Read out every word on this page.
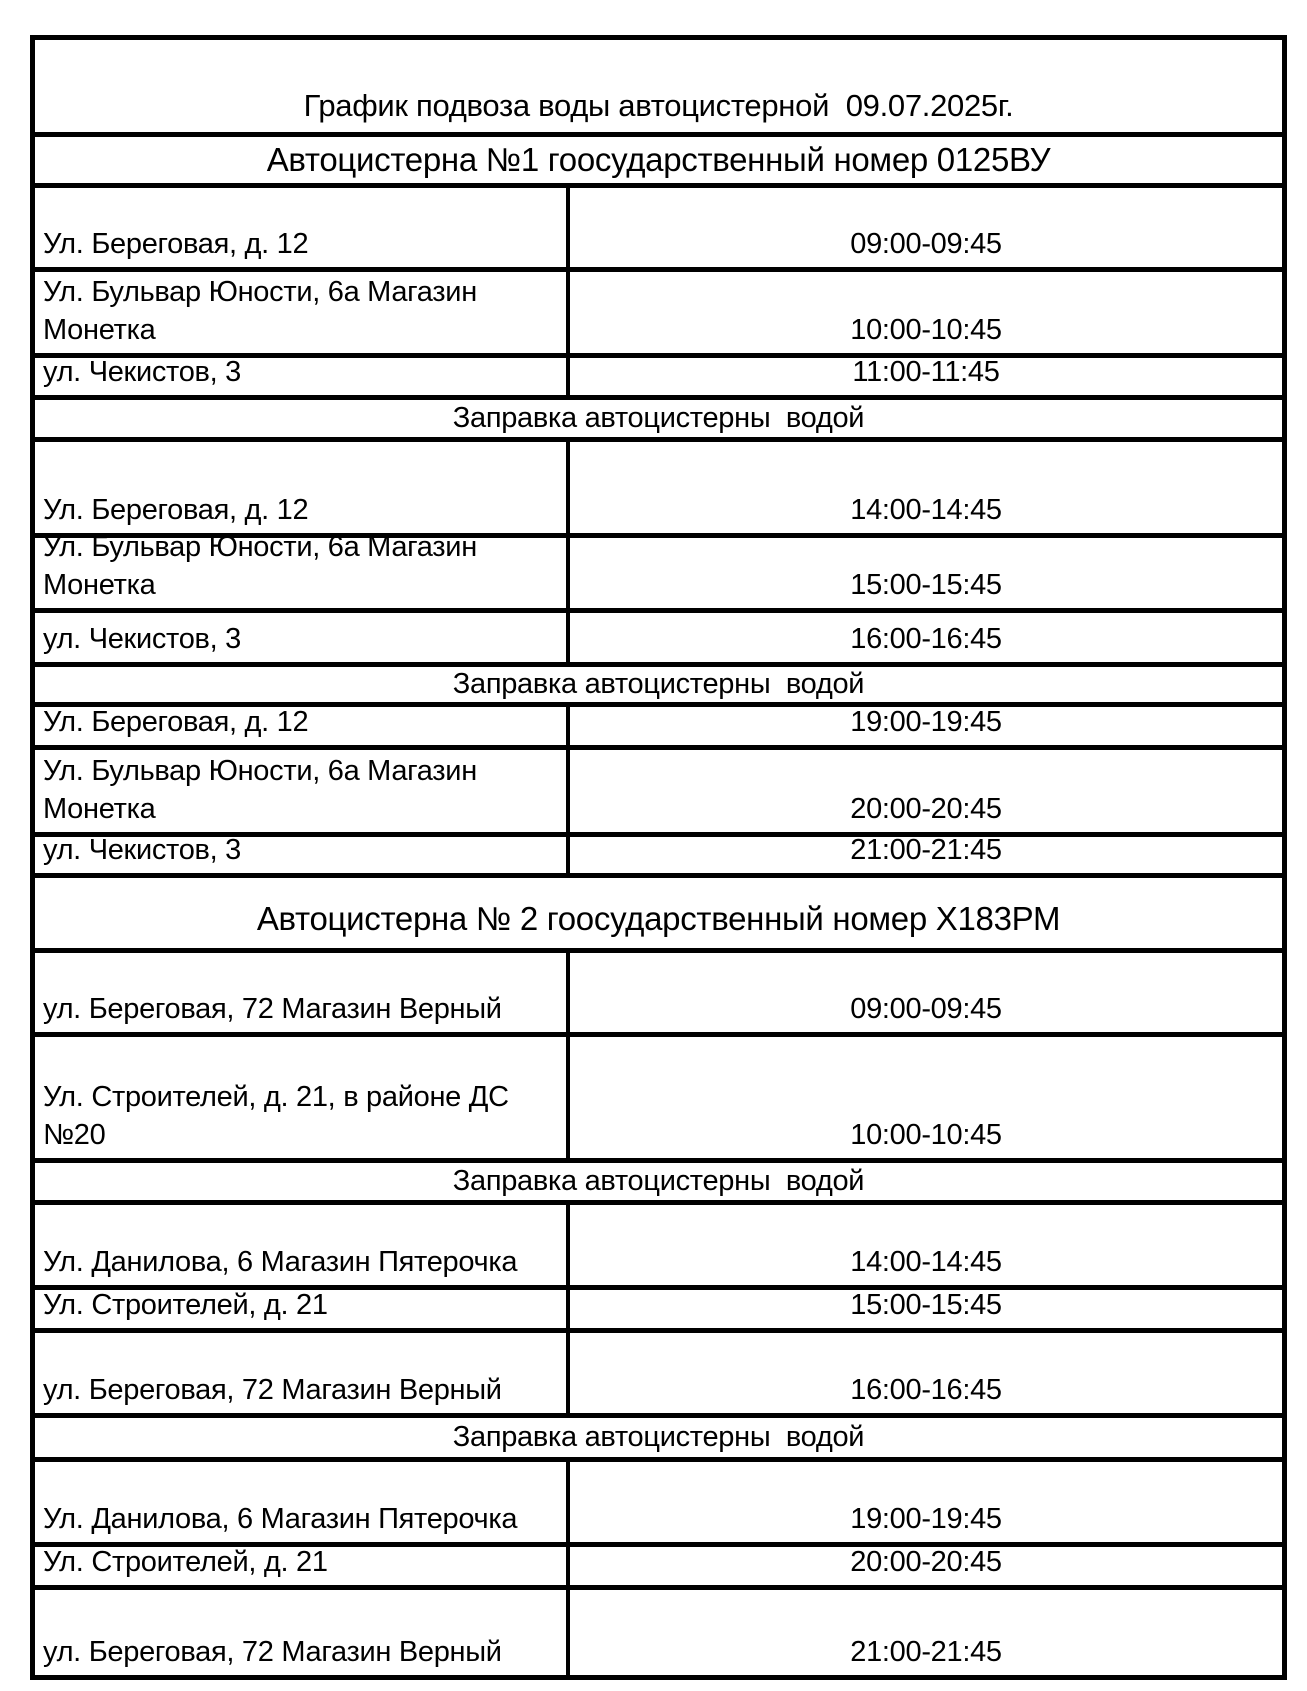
График подвоза воды автоцистерной  09.07.2025г.
Автоцистерна №1 гоосударственный номер 0125ВУ
Ул. Береговая, д. 12	09:00-09:45
Ул. Бульвар Юности, 6а Магазин Монетка	10:00-10:45
ул. Чекистов, 3	11:00-11:45
Заправка автоцистерны  водой
Ул. Береговая, д. 12	14:00-14:45
Ул. Бульвар Юности, 6а Магазин Монетка	15:00-15:45
ул. Чекистов, 3	16:00-16:45
Заправка автоцистерны  водой
Ул. Береговая, д. 12	19:00-19:45
Ул. Бульвар Юности, 6а Магазин Монетка	20:00-20:45
ул. Чекистов, 3	21:00-21:45
Автоцистерна № 2 гоосударственный номер Х183РМ
ул. Береговая, 72 Магазин Верный	09:00-09:45
Ул. Строителей, д. 21, в районе ДС №20	10:00-10:45
Заправка автоцистерны  водой
Ул. Данилова, 6 Магазин Пятерочка	14:00-14:45
Ул. Строителей, д. 21	15:00-15:45
ул. Береговая, 72 Магазин Верный	16:00-16:45
Заправка автоцистерны  водой
Ул. Данилова, 6 Магазин Пятерочка	19:00-19:45
Ул. Строителей, д. 21	20:00-20:45
ул. Береговая, 72 Магазин Верный	21:00-21:45
